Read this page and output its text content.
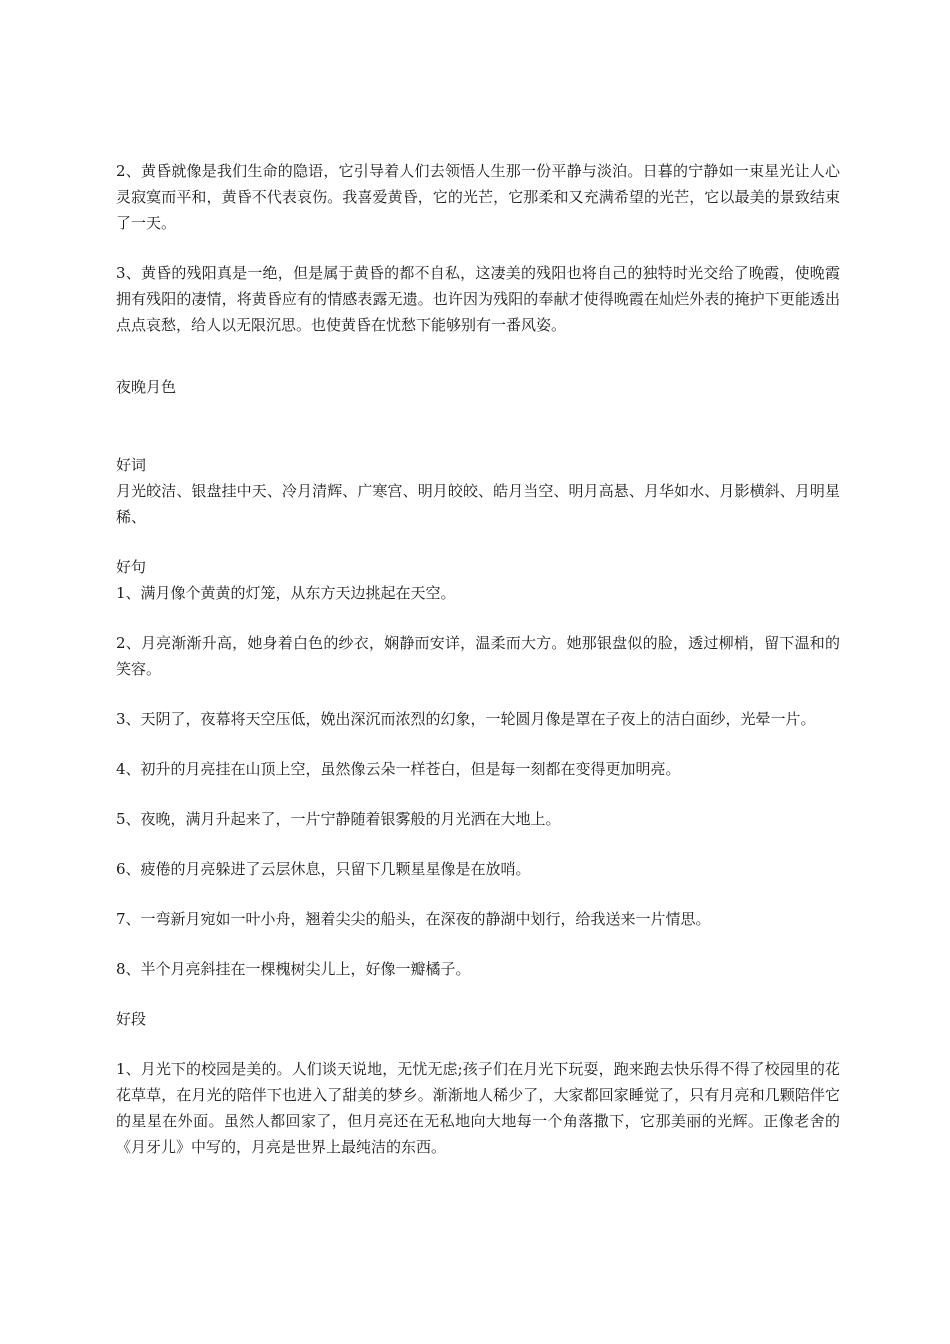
2、黄昏就像是我们生命的隐语，它引导着人们去领悟人生那一份平静与淡泊。日暮的宁静如一束星光让人心灵寂寞而平和，黄昏不代表哀伤。我喜爱黄昏，它的光芒，它那柔和又充满希望的光芒，它以最美的景致结束了一天。

3、黄昏的残阳真是一绝，但是属于黄昏的都不自私，这凄美的残阳也将自己的独特时光交给了晚霞，使晚霞拥有残阳的凄情，将黄昏应有的情感表露无遗。也许因为残阳的奉献才使得晚霞在灿烂外表的掩护下更能透出点点哀愁，给人以无限沉思。也使黄昏在忧愁下能够别有一番风姿。

夜晚月色

好词

月光皎洁、银盘挂中天、冷月清辉、广寒宫、明月皎皎、皓月当空、明月高悬、月华如水、月影横斜、月明星稀、

好句

1、满月像个黄黄的灯笼，从东方天边挑起在天空。

2、月亮渐渐升高，她身着白色的纱衣，娴静而安详，温柔而大方。她那银盘似的脸，透过柳梢，留下温和的笑容。

3、天阴了，夜幕将天空压低，娩出深沉而浓烈的幻象，一轮圆月像是罩在子夜上的洁白面纱，光晕一片。

4、初升的月亮挂在山顶上空，虽然像云朵一样苍白，但是每一刻都在变得更加明亮。

5、夜晚，满月升起来了，一片宁静随着银雾般的月光洒在大地上。

6、疲倦的月亮躲进了云层休息，只留下几颗星星像是在放哨。

7、一弯新月宛如一叶小舟，翘着尖尖的船头，在深夜的静湖中划行，给我送来一片情思。

8、半个月亮斜挂在一棵槐树尖儿上，好像一瓣橘子。

好段

1、月光下的校园是美的。人们谈天说地，无忧无虑;孩子们在月光下玩耍，跑来跑去快乐得不得了校园里的花花草草，在月光的陪伴下也进入了甜美的梦乡。渐渐地人稀少了，大家都回家睡觉了，只有月亮和几颗陪伴它的星星在外面。虽然人都回家了，但月亮还在无私地向大地每一个角落撒下，它那美丽的光辉。正像老舍的《月牙儿》中写的，月亮是世界上最纯洁的东西。
